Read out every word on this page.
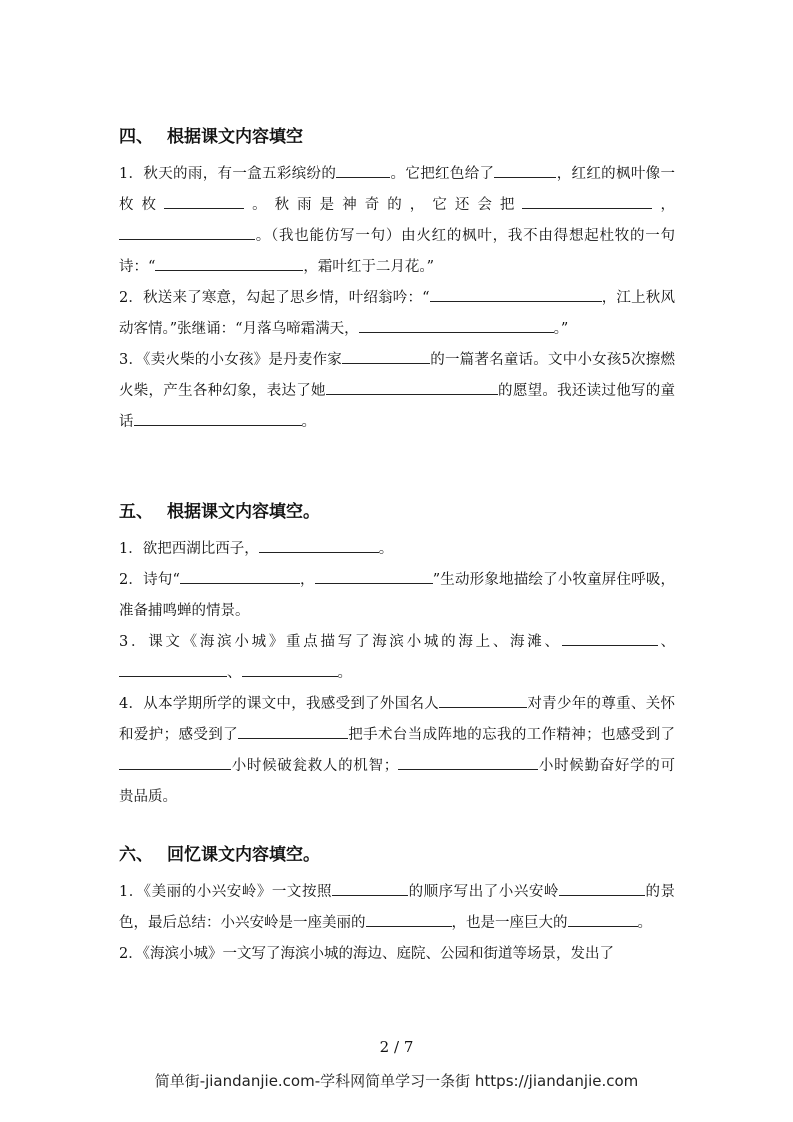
四、 根据课文内容填空

1．秋天的雨，有一盒五彩缤纷的	。它把红色给了	，红红的枫叶像一枚枚	。秋雨是神奇的，它还会把	，。（我也能仿写一句）由火红的枫叶，我不由得想起杜牧的一句诗：“	，霜叶红于二月花。”

2．秋送来了寒意，勾起了思乡情，叶绍翁吟：“	，江上秋风动客情。”张继诵：“月落乌啼霜满天，	。”

3．《卖火柴的小女孩》是丹麦作家	的一篇著名童话。文中小女孩5次擦燃火柴，产生各种幻象，表达了她	的愿望。我还读过他写的童话	。

五、 根据课文内容填空。

1．欲把西湖比西子，	。

2．诗句“	，	”生动形象地描绘了小牧童屏住呼吸，准备捕鸣蝉的情景。

3．课文《海滨小城》重点描写了海滨小城的海上、海滩、	、、	。

4．从本学期所学的课文中，我感受到了外国名人	对青少年的尊重、关怀和爱护；感受到了	把手术台当成阵地的忘我的工作精神；也感受到了小时候破瓮救人的机智；	小时候勤奋好学的可贵品质。

六、 回忆课文内容填空。

1．《美丽的小兴安岭》一文按照	的顺序写出了小兴安岭	的景色，最后总结：小兴安岭是一座美丽的	，也是一座巨大的	。

2．《海滨小城》一文写了海滨小城的海边、庭院、公园和街道等场景，发出了

2 / 7
简单街-jiandanjie.com-学科网简单学习一条街 https://jiandanjie.com
